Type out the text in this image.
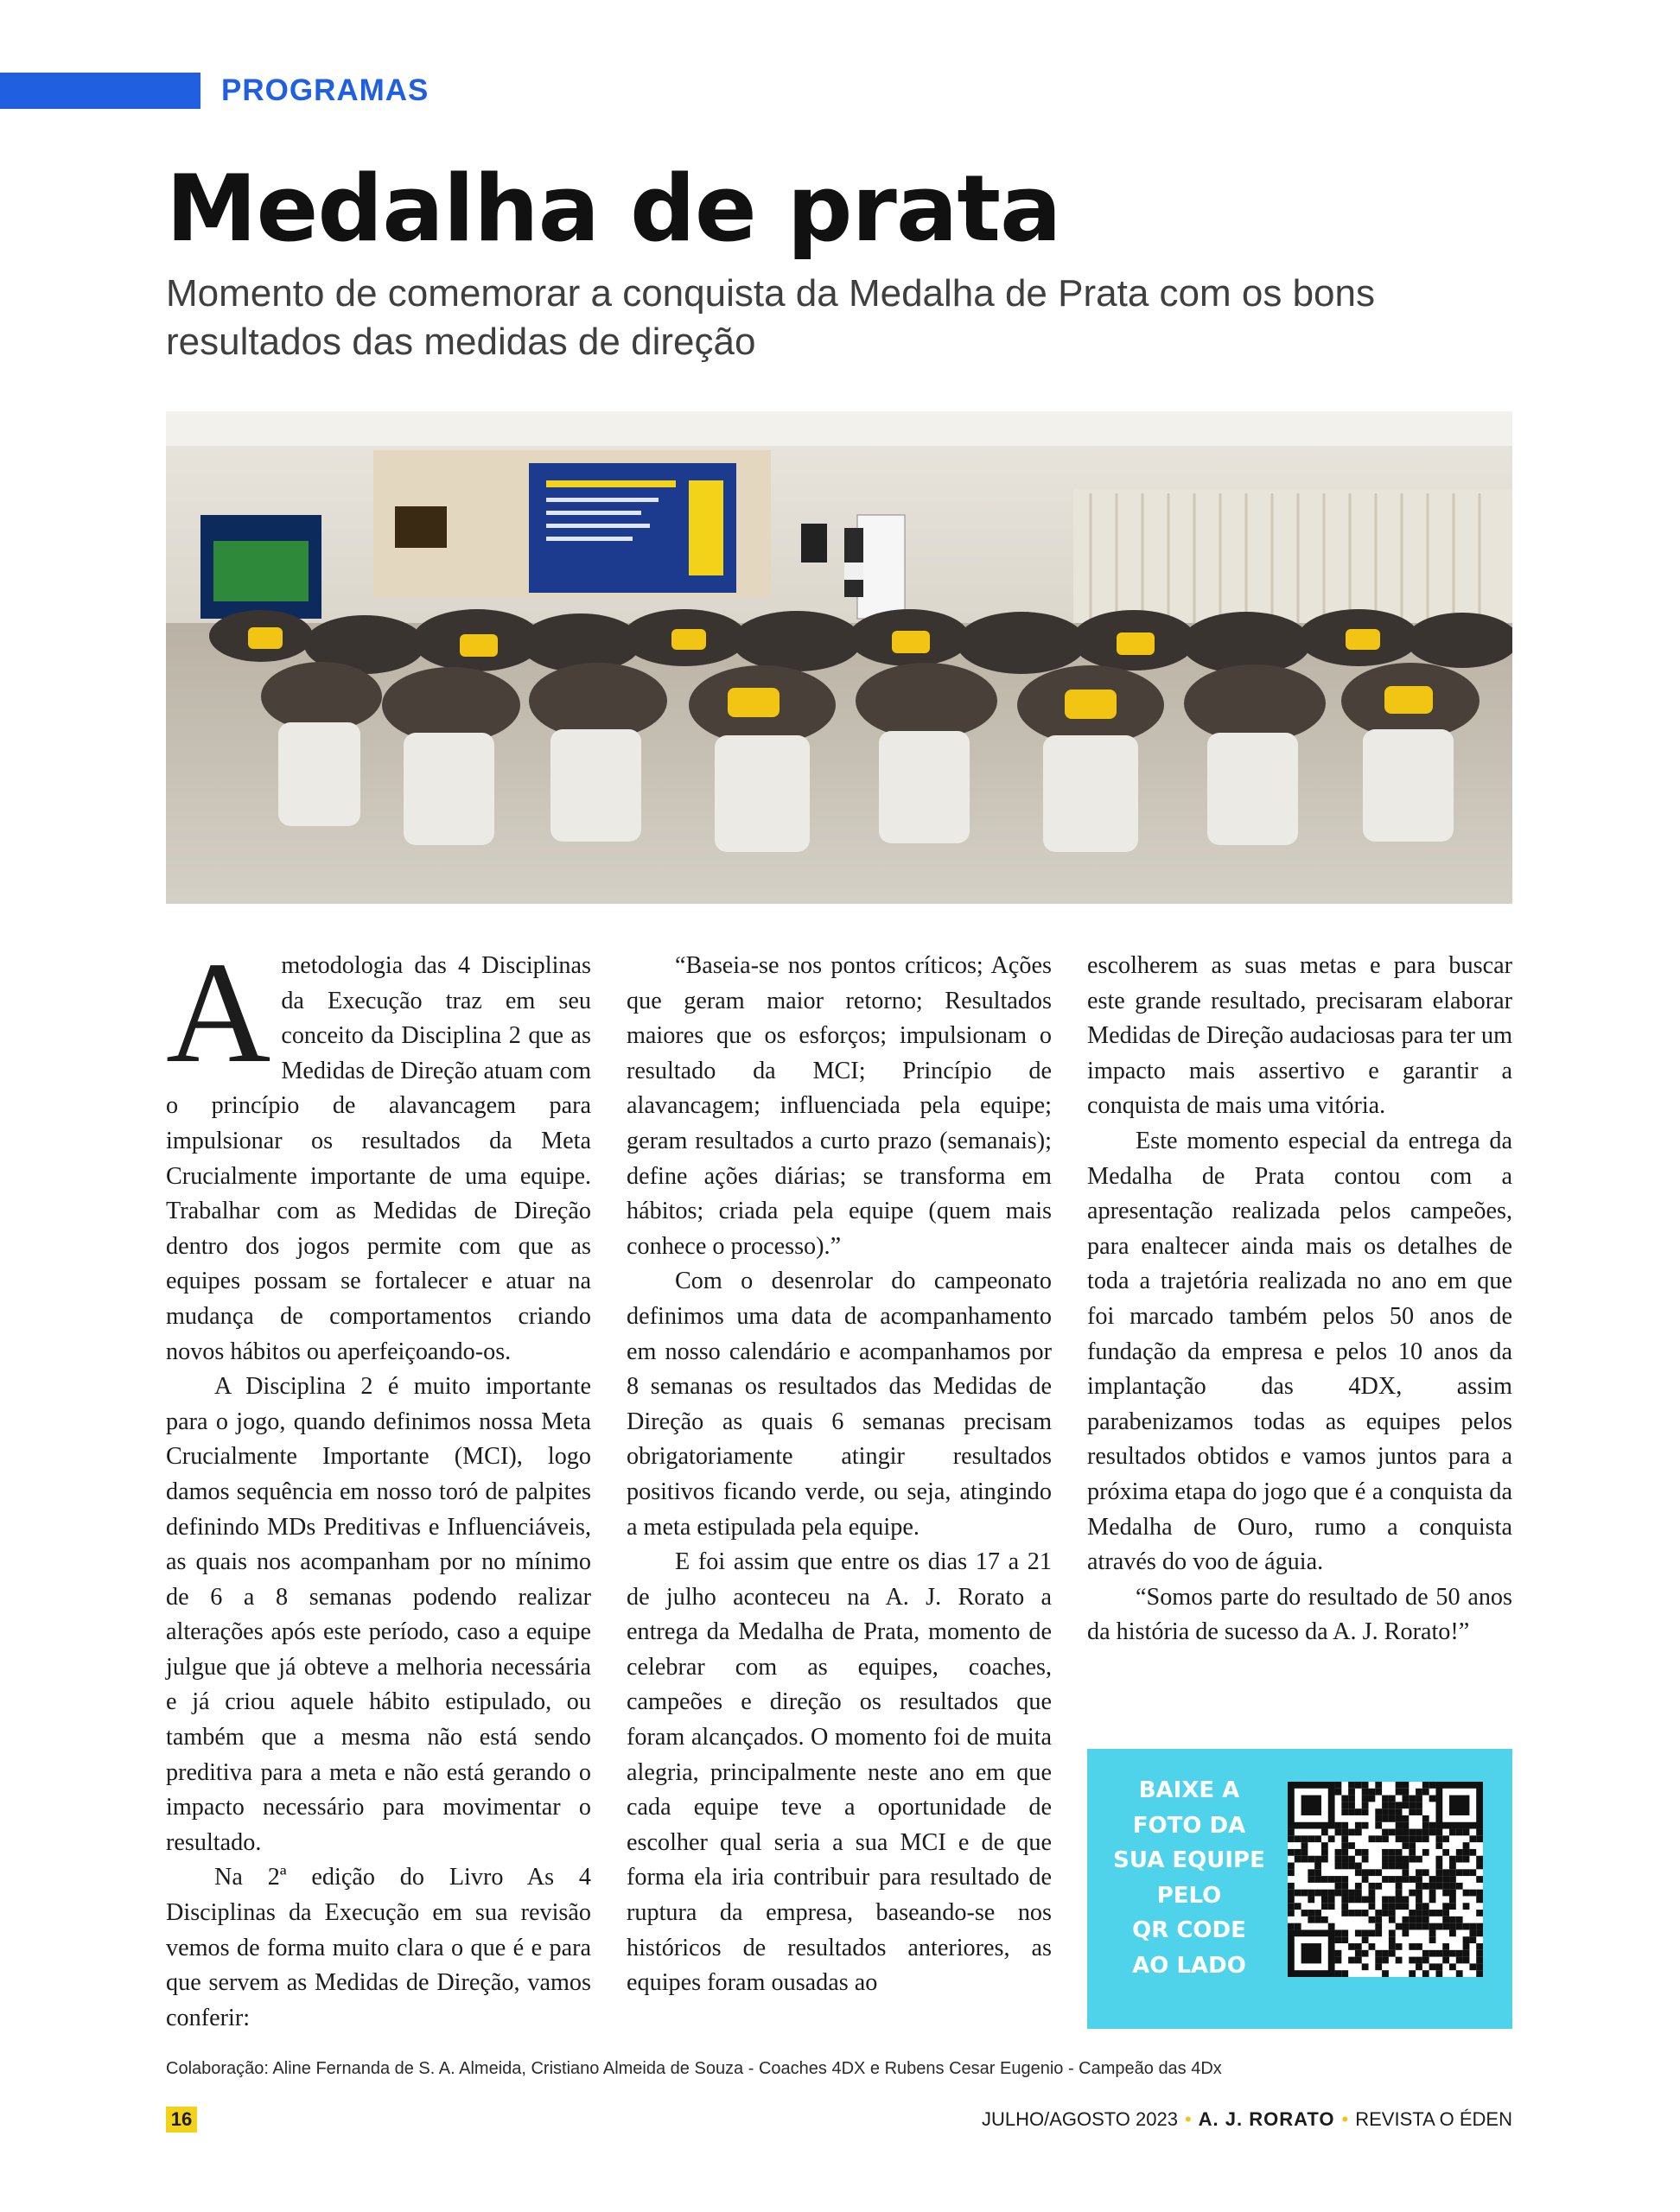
PROGRAMAS
Medalha de prata

Momento de comemorar a conquista da Medalha de Prata com os bons resultados das medidas de direção

A metodologia das 4 Disciplinas da Execução traz em seu conceito da Disciplina 2 que as Medidas de Direção atuam com o princípio de alavancagem para impulsionar os resultados da Meta Crucialmente importante de uma equipe. Trabalhar com as Medidas de Direção dentro dos jogos permite com que as equipes possam se fortalecer e atuar na mudança de comportamentos criando novos hábitos ou aperfeiçoando-os.

A Disciplina 2 é muito importante para o jogo, quando definimos nossa Meta Crucialmente Importante (MCI), logo damos sequência em nosso toró de palpites definindo MDs Preditivas e Influenciáveis, as quais nos acompanham por no mínimo de 6 a 8 semanas podendo realizar alterações após este período, caso a equipe julgue que já obteve a melhoria necessária e já criou aquele hábito estipulado, ou também que a mesma não está sendo preditiva para a meta e não está gerando o impacto necessário para movimentar o resultado.

Na 2ª edição do Livro As 4 Disciplinas da Execução em sua revisão vemos de forma muito clara o que é e para que servem as Medidas de Direção, vamos conferir:

“Baseia-se nos pontos críticos; Ações que geram maior retorno; Resultados maiores que os esforços; impulsionam o resultado da MCI; Princípio de alavancagem; influenciada pela equipe; geram resultados a curto prazo (semanais); define ações diárias; se transforma em hábitos; criada pela equipe (quem mais conhece o processo).”

Com o desenrolar do campeonato definimos uma data de acompanhamento em nosso calendário e acompanhamos por 8 semanas os resultados das Medidas de Direção as quais 6 semanas precisam obrigatoriamente atingir resultados positivos ficando verde, ou seja, atingindo a meta estipulada pela equipe.

E foi assim que entre os dias 17 a 21 de julho aconteceu na A. J. Rorato a entrega da Medalha de Prata, momento de celebrar com as equipes, coaches, campeões e direção os resultados que foram alcançados. O momento foi de muita alegria, principalmente neste ano em que cada equipe teve a oportunidade de escolher qual seria a sua MCI e de que forma ela iria contribuir para resultado de ruptura da empresa, baseando-se nos históricos de resultados anteriores, as equipes foram ousadas ao

escolherem as suas metas e para buscar este grande resultado, precisaram elaborar Medidas de Direção audaciosas para ter um impacto mais assertivo e garantir a conquista de mais uma vitória.

Este momento especial da entrega da Medalha de Prata contou com a apresentação realizada pelos campeões, para enaltecer ainda mais os detalhes de toda a trajetória realizada no ano em que foi marcado também pelos 50 anos de fundação da empresa e pelos 10 anos da implantação das 4DX, assim parabenizamos todas as equipes pelos resultados obtidos e vamos juntos para a próxima etapa do jogo que é a conquista da Medalha de Ouro, rumo a conquista através do voo de águia.

“Somos parte do resultado de 50 anos da história de sucesso da A. J. Rorato!”

BAIXE A
FOTO DA
SUA EQUIPE
PELO
QR CODE
AO LADO
Colaboração: Aline Fernanda de S. A. Almeida, Cristiano Almeida de Souza - Coaches 4DX e Rubens Cesar Eugenio - Campeão das 4Dx
16	JULHO/AGOSTO 2023 • A. J. RORATO • REVISTA O ÉDEN
